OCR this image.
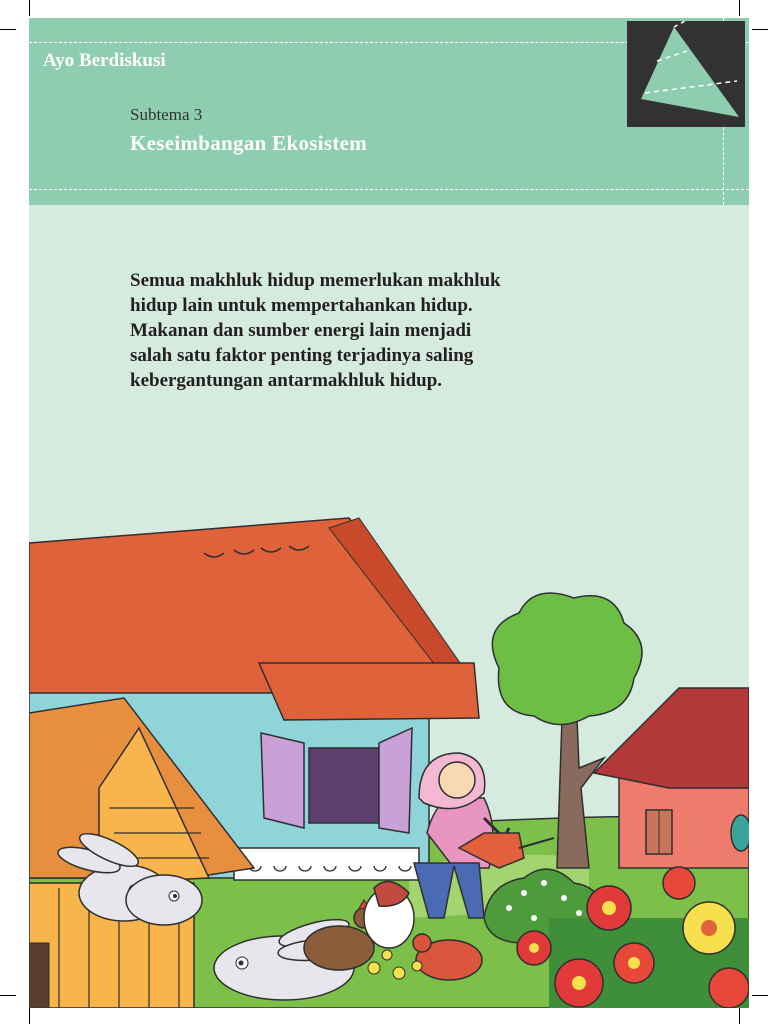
Ayo Berdiskusi
Subtema 3
Keseimbangan Ekosistem
Semua makhluk hidup memerlukan makhluk
hidup lain untuk mempertahankan hidup.
Makanan dan sumber energi lain menjadi
salah satu faktor penting terjadinya saling
kebergantungan antarmakhluk hidup.
